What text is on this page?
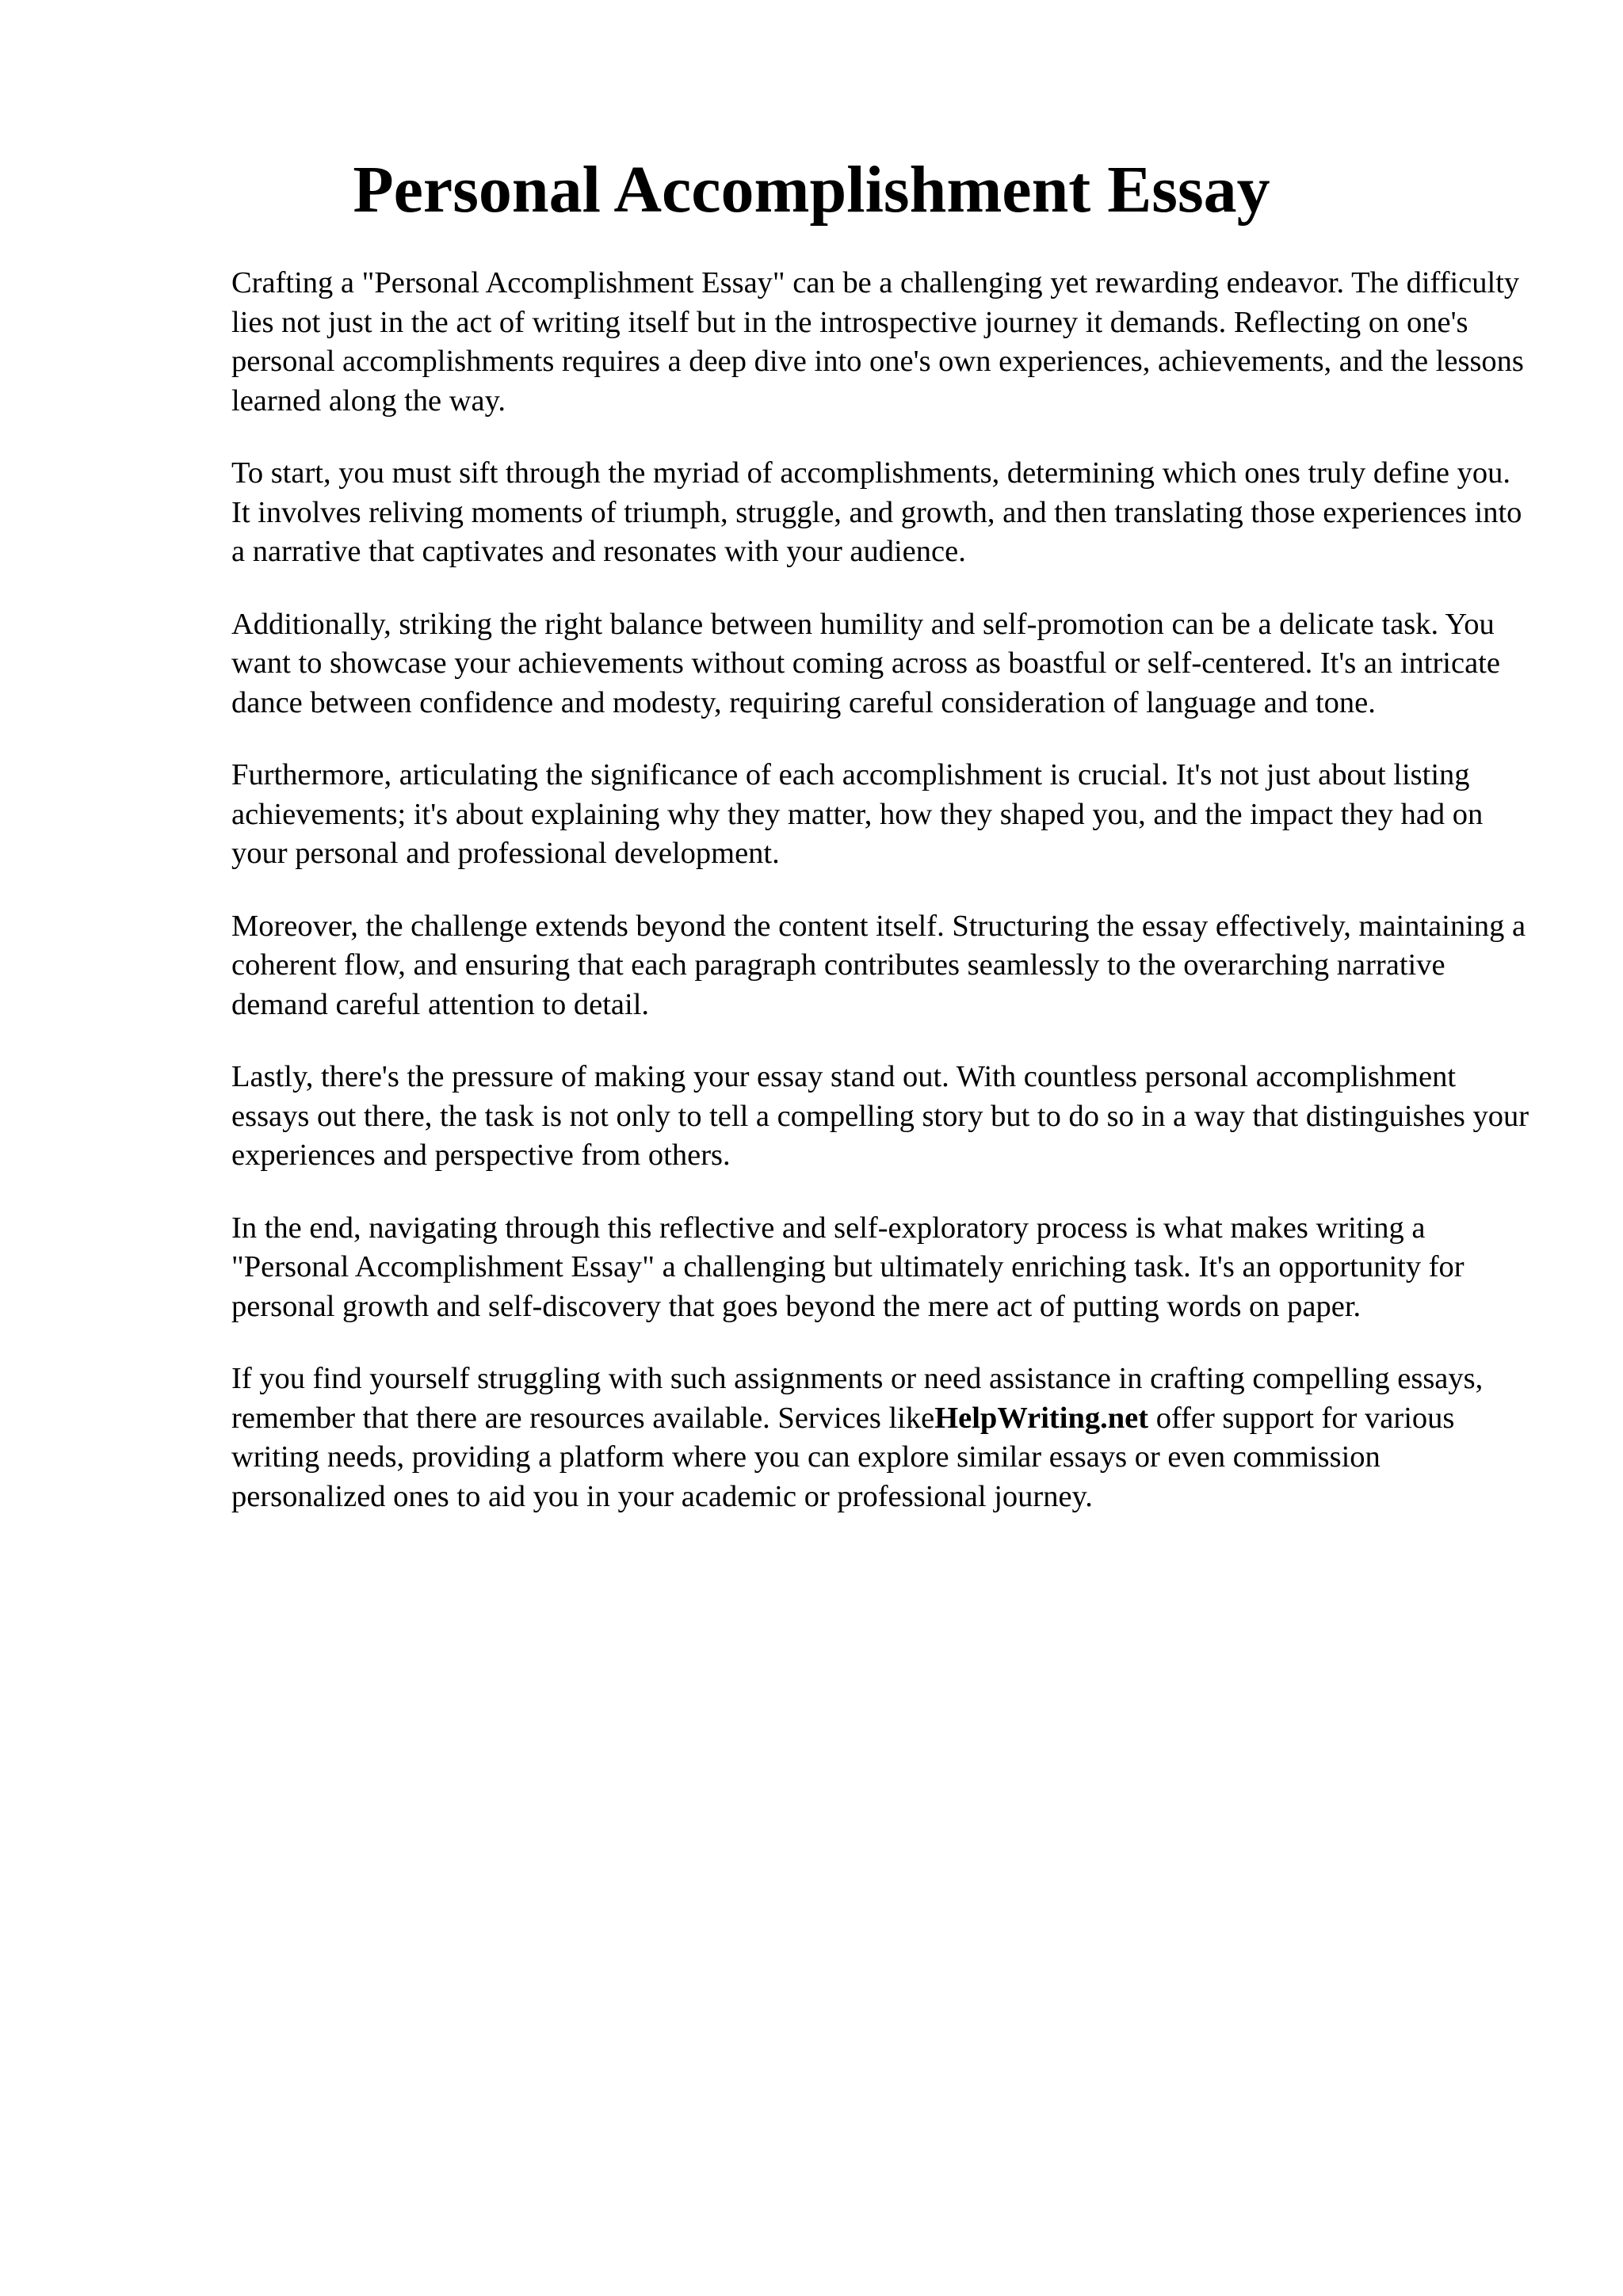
Personal Accomplishment Essay

Crafting a "Personal Accomplishment Essay" can be a challenging yet rewarding endeavor. The difficulty lies not just in the act of writing itself but in the introspective journey it demands. Reflecting on one's personal accomplishments requires a deep dive into one's own experiences, achievements, and the lessons learned along the way.

To start, you must sift through the myriad of accomplishments, determining which ones truly define you. It involves reliving moments of triumph, struggle, and growth, and then translating those experiences into a narrative that captivates and resonates with your audience.

Additionally, striking the right balance between humility and self-promotion can be a delicate task. You want to showcase your achievements without coming across as boastful or self-centered. It's an intricate dance between confidence and modesty, requiring careful consideration of language and tone.

Furthermore, articulating the significance of each accomplishment is crucial. It's not just about listing achievements; it's about explaining why they matter, how they shaped you, and the impact they had on your personal and professional development.

Moreover, the challenge extends beyond the content itself. Structuring the essay effectively, maintaining a coherent flow, and ensuring that each paragraph contributes seamlessly to the overarching narrative demand careful attention to detail.

Lastly, there's the pressure of making your essay stand out. With countless personal accomplishment essays out there, the task is not only to tell a compelling story but to do so in a way that distinguishes your experiences and perspective from others.

In the end, navigating through this reflective and self-exploratory process is what makes writing a "Personal Accomplishment Essay" a challenging but ultimately enriching task. It's an opportunity for personal growth and self-discovery that goes beyond the mere act of putting words on paper.

If you find yourself struggling with such assignments or need assistance in crafting compelling essays, remember that there are resources available. Services likeHelpWriting.net offer support for various writing needs, providing a platform where you can explore similar essays or even commission personalized ones to aid you in your academic or professional journey.
